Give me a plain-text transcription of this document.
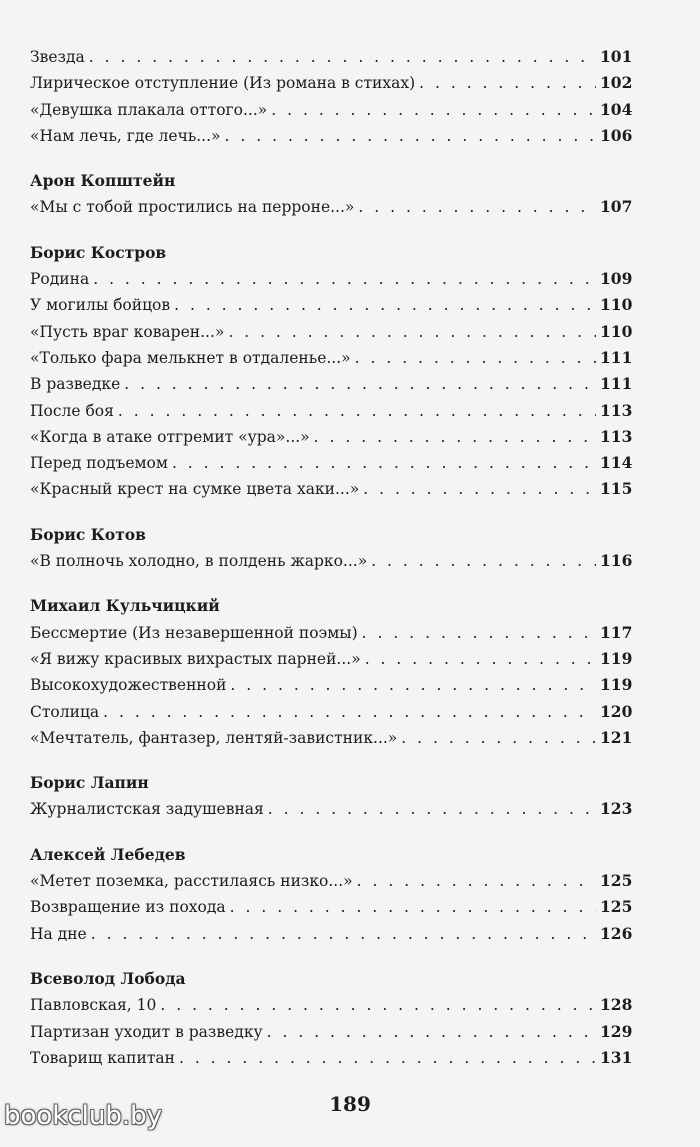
Звезда . . .	101
Лирическое отступление (Из романа в стихах) . . .	102
«Девушка плакала оттого...» . . .	104
«Нам лечь, где лечь...» . . .	106
Арон Копштейн
«Мы с тобой простились на перроне...» . . .	107
Борис Костров
Родина . . .	109
У могилы бойцов . . .	110
«Пусть враг коварен...» . . .	110
«Только фара мелькнет в отдаленье...» . . .	111
В разведке . . .	111
После боя . . .	113
«Когда в атаке отгремит «ура»...» . . .	113
Перед подъемом . . .	114
«Красный крест на сумке цвета хаки...» . . .	115
Борис Котов
«В полночь холодно, в полдень жарко...» . . .	116
Михаил Кульчицкий
Бессмертие (Из незавершенной поэмы) . . .	117
«Я вижу красивых вихрастых парней...» . . .	119
Высокохудожественной . . .	119
Столица . . .	120
«Мечтатель, фантазер, лентяй-завистник...» . . .	121
Борис Лапин
Журналистская задушевная . . .	123
Алексей Лебедев
«Метет поземка, расстилаясь низко...» . . .	125
Возвращение из похода . . .	125
На дне . . .	126
Всеволод Лобода
Павловская, 10 . . .	128
Партизан уходит в разведку . . .	129
Товарищ капитан . . .	131
189
bookclub.by
